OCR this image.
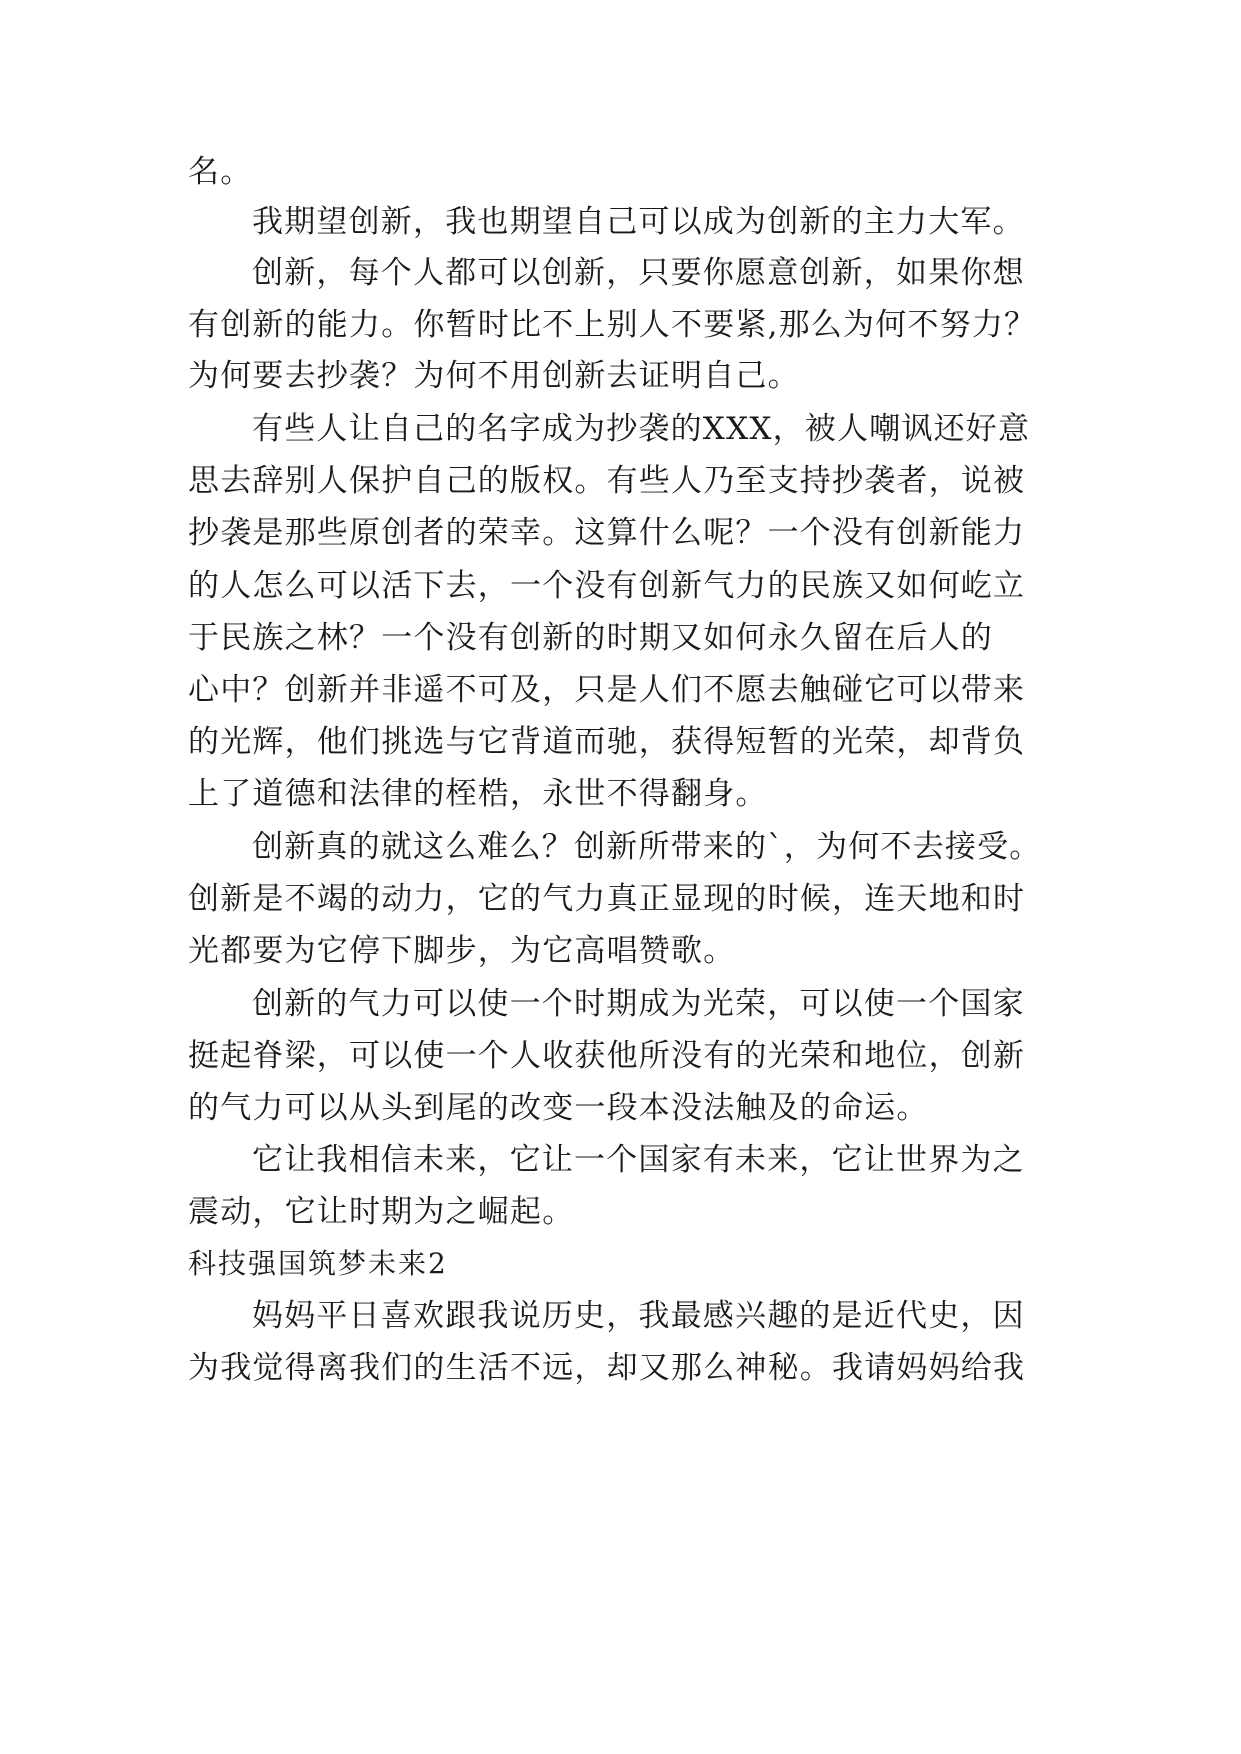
名。
我期望创新，我也期望自己可以成为创新的主力大军。
创新，每个人都可以创新，只要你愿意创新，如果你想
有创新的能力。你暂时比不上别人不要紧,那么为何不努力？
为何要去抄袭？为何不用创新去证明自己。
有些人让自己的名字成为抄袭的XXX，被人嘲讽还好意
思去辞别人保护自己的版权。有些人乃至支持抄袭者，说被
抄袭是那些原创者的荣幸。这算什么呢？一个没有创新能力
的人怎么可以活下去，一个没有创新气力的民族又如何屹立
于民族之林？一个没有创新的时期又如何永久留在后人的
心中？创新并非遥不可及，只是人们不愿去触碰它可以带来
的光辉，他们挑选与它背道而驰，获得短暂的光荣，却背负
上了道德和法律的桎梏，永世不得翻身。
创新真的就这么难么？创新所带来的`，为何不去接受。
创新是不竭的动力，它的气力真正显现的时候，连天地和时
光都要为它停下脚步，为它高唱赞歌。
创新的气力可以使一个时期成为光荣，可以使一个国家
挺起脊梁，可以使一个人收获他所没有的光荣和地位，创新
的气力可以从头到尾的改变一段本没法触及的命运。
它让我相信未来，它让一个国家有未来，它让世界为之
震动，它让时期为之崛起。
科技强国筑梦未来2
妈妈平日喜欢跟我说历史，我最感兴趣的是近代史，因
为我觉得离我们的生活不远，却又那么神秘。我请妈妈给我
